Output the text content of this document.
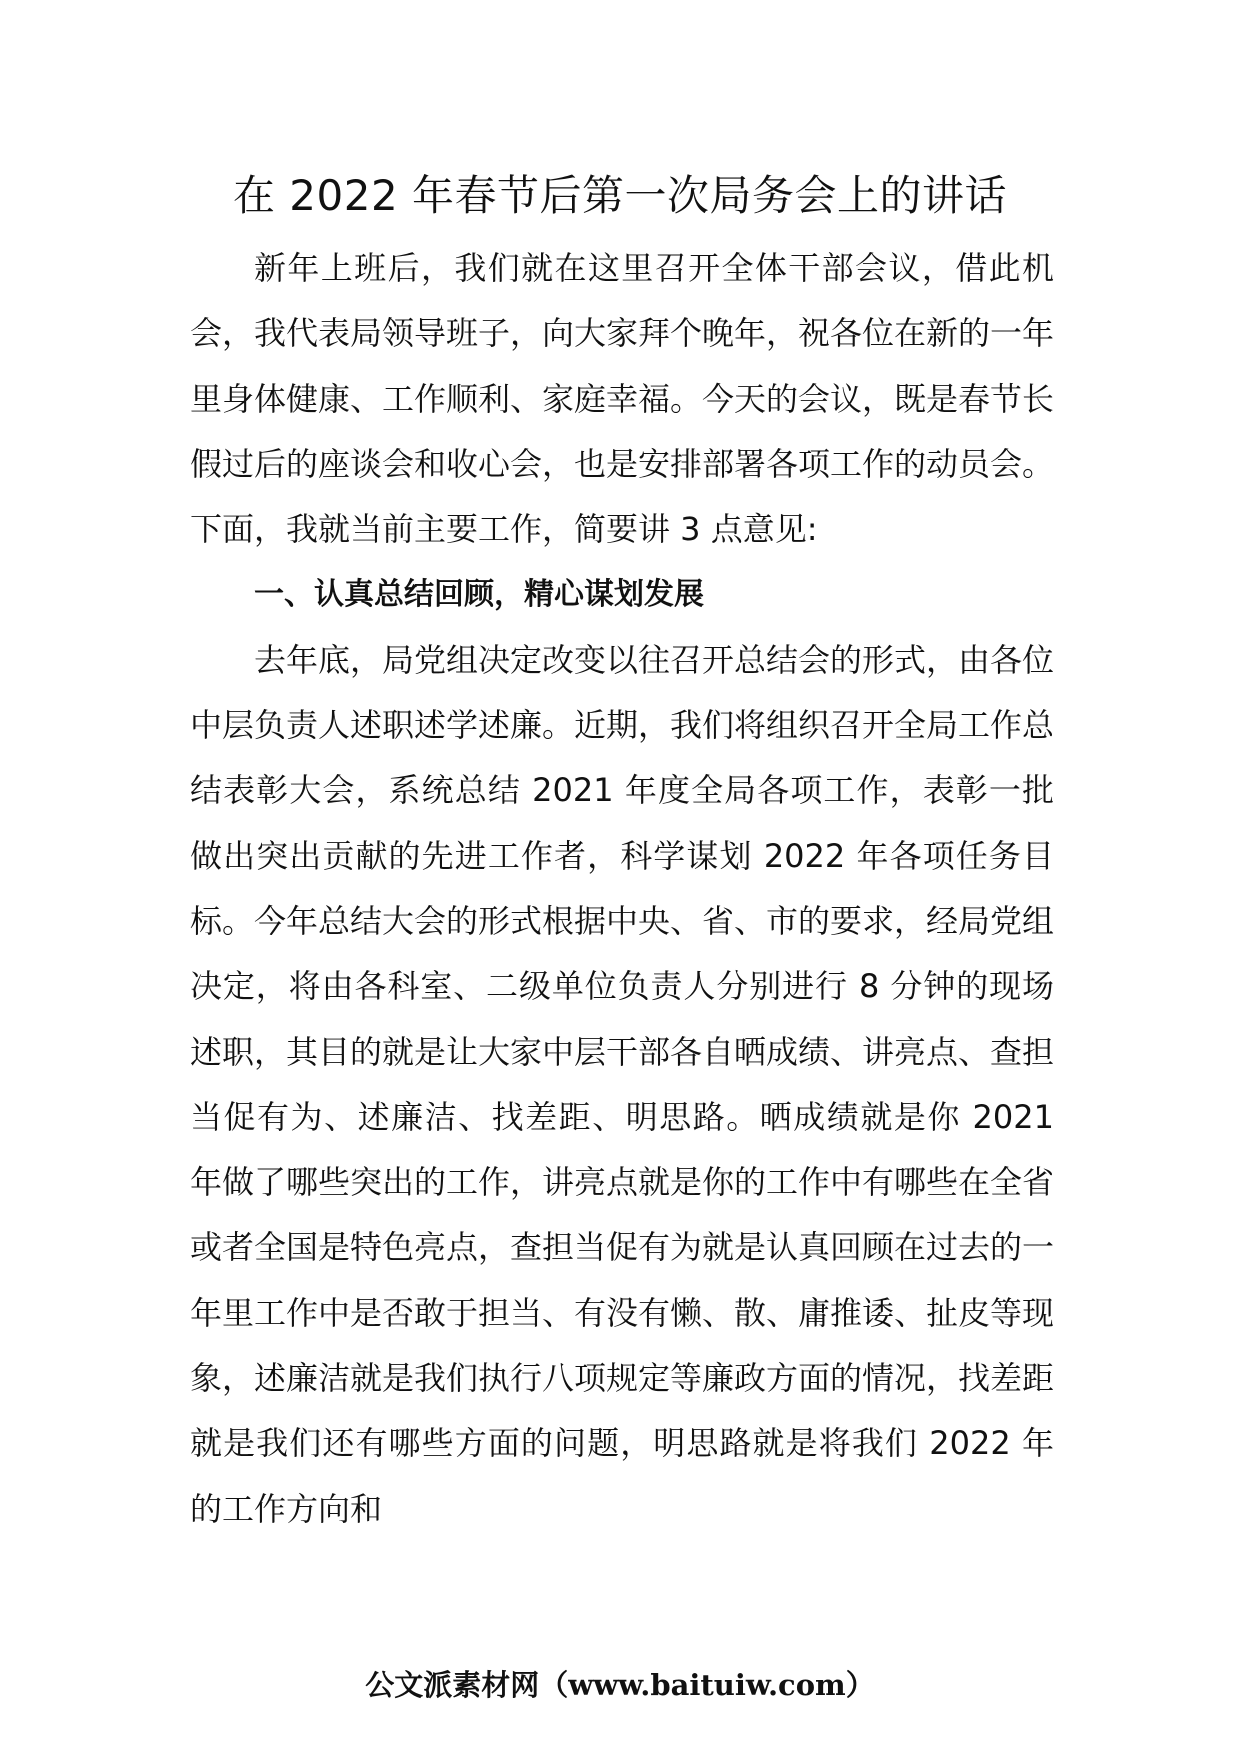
在 2022 年春节后第一次局务会上的讲话

新年上班后，我们就在这里召开全体干部会议，借此机会，我代表局领导班子，向大家拜个晚年，祝各位在新的一年里身体健康、工作顺利、家庭幸福。今天的会议，既是春节长假过后的座谈会和收心会，也是安排部署各项工作的动员会。下面，我就当前主要工作，简要讲 3 点意见:

一、认真总结回顾，精心谋划发展

去年底，局党组决定改变以往召开总结会的形式，由各位中层负责人述职述学述廉。近期，我们将组织召开全局工作总结表彰大会，系统总结 2021 年度全局各项工作，表彰一批做出突出贡献的先进工作者，科学谋划 2022 年各项任务目标。今年总结大会的形式根据中央、省、市的要求，经局党组决定，将由各科室、二级单位负责人分别进行 8 分钟的现场述职，其目的就是让大家中层干部各自晒成绩、讲亮点、查担当促有为、述廉洁、找差距、明思路。晒成绩就是你 2021 年做了哪些突出的工作，讲亮点就是你的工作中有哪些在全省或者全国是特色亮点，查担当促有为就是认真回顾在过去的一年里工作中是否敢于担当、有没有懒、散、庸推诿、扯皮等现象，述廉洁就是我们执行八项规定等廉政方面的情况，找差距就是我们还有哪些方面的问题，明思路就是将我们 2022 年的工作方向和

公文派素材网（www.baituiw.com）
